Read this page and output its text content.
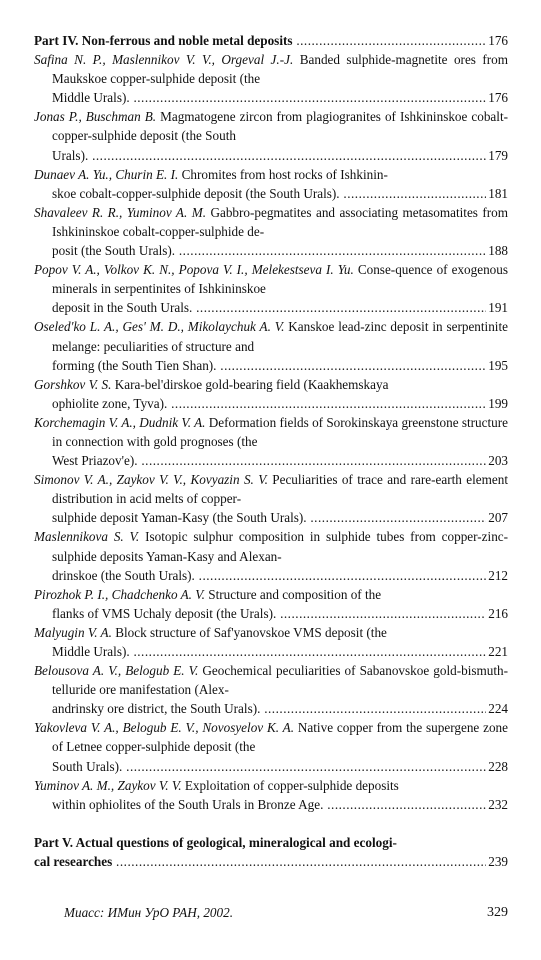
Part IV. Non-ferrous and noble metal deposits .....	176
Safina N. P., Maslennikov V. V., Orgeval J.-J. Banded sulphide-magnetite ores from Maukskoe copper-sulphide deposit (the
Middle Urals). .....	176
Jonas P., Buschman B. Magmatogene zircon from plagiogranites of Ishkininskoe cobalt-copper-sulphide deposit (the South
Urals). .....	179
Dunaev A. Yu., Churin E. I. Chromites from host rocks of Ishkinin-
skoe cobalt-copper-sulphide deposit (the South Urals). .....	181
Shavaleev R. R., Yuminov A. M. Gabbro-pegmatites and associating metasomatites from Ishkininskoe cobalt-copper-sulphide de-
posit (the South Urals). .....	188
Popov V. A., Volkov K. N., Popova V. I., Melekestseva I. Yu. Conse-quence of exogenous minerals in serpentinites of Ishkininskoe
deposit in the South Urals. .....	191
Oseled'ko L. A., Ges' M. D., Mikolaychuk A. V. Kanskoe lead-zinc deposit in serpentinite melange: peculiarities of structure and
forming (the South Tien Shan). .....	195
Gorshkov V. S. Kara-bel'dirskoe gold-bearing field (Kaakhemskaya
ophiolite zone, Tyva). .....	199
Korchemagin V. A., Dudnik V. A. Deformation fields of Sorokinskaya greenstone structure in connection with gold prognoses (the
West Priazov'e). .....	203
Simonov V. A., Zaykov V. V., Kovyazin S. V. Peculiarities of trace and rare-earth element distribution in acid melts of copper-
sulphide deposit Yaman-Kasy (the South Urals). .....	207
Maslennikova S. V. Isotopic sulphur composition in sulphide tubes from copper-zinc-sulphide deposits Yaman-Kasy and Alexan-
drinskoe (the South Urals). .....	212
Pirozhok P. I., Chadchenko A. V. Structure and composition of the
flanks of VMS Uchaly deposit (the Urals). .....	216
Malyugin V. A. Block structure of Saf'yanovskoe VMS deposit (the
Middle Urals). .....	221
Belousova A. V., Belogub E. V. Geochemical peculiarities of Sabanovskoe gold-bismuth-telluride ore manifestation (Alex-
andrinsky ore district, the South Urals). .....	224
Yakovleva V. A., Belogub E. V., Novosyelov K. A. Native copper from the supergene zone of Letnee copper-sulphide deposit (the
South Urals). .....	228
Yuminov A. M., Zaykov V. V. Exploitation of copper-sulphide deposits
within ophiolites of the South Urals in Bronze Age. .....	232
Part V. Actual questions of geological, mineralogical and ecologi-
cal researches .....	239
Миасс: ИМин УрО РАН, 2002.	329
